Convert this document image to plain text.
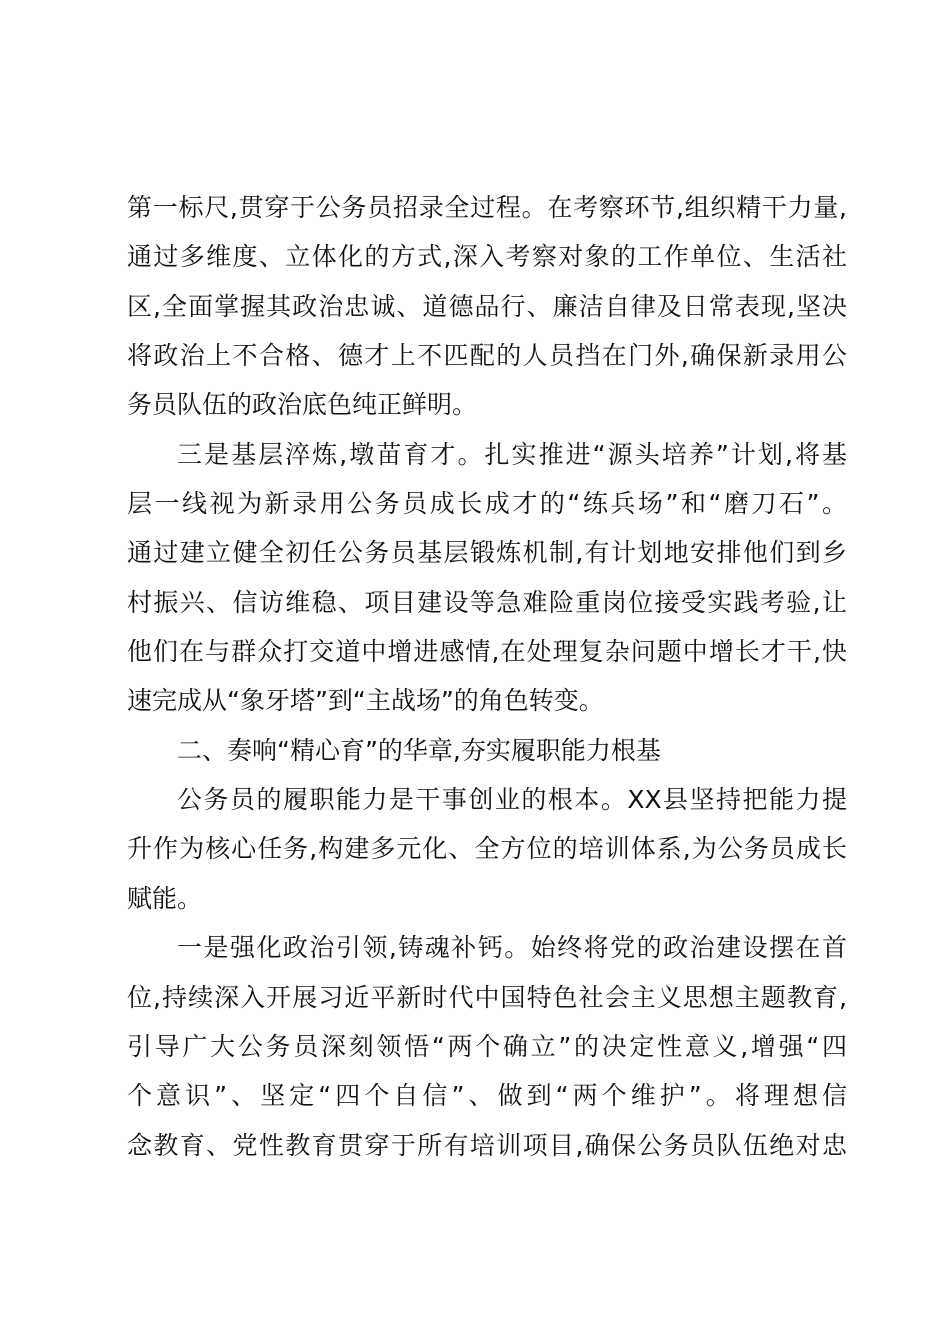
第一标尺,贯穿于公务员招录全过程。在考察环节,组织精干力量,
通过多维度、立体化的方式,深入考察对象的工作单位、生活社
区,全面掌握其政治忠诚、道德品行、廉洁自律及日常表现,坚决
将政治上不合格、德才上不匹配的人员挡在门外,确保新录用公
务员队伍的政治底色纯正鲜明。
三是基层淬炼,墩苗育才。扎实推进“源头培养”计划,将基
层一线视为新录用公务员成长成才的“练兵场”和“磨刀石”。
通过建立健全初任公务员基层锻炼机制,有计划地安排他们到乡
村振兴、信访维稳、项目建设等急难险重岗位接受实践考验,让
他们在与群众打交道中增进感情,在处理复杂问题中增长才干,快
速完成从“象牙塔”到“主战场”的角色转变。
二、奏响“精心育”的华章,夯实履职能力根基
公务员的履职能力是干事创业的根本。XX县坚持把能力提
升作为核心任务,构建多元化、全方位的培训体系,为公务员成长
赋能。
一是强化政治引领,铸魂补钙。始终将党的政治建设摆在首
位,持续深入开展习近平新时代中国特色社会主义思想主题教育,
引导广大公务员深刻领悟“两个确立”的决定性意义,增强“四
个意识”、坚定“四个自信”、做到“两个维护”。将理想信
念教育、党性教育贯穿于所有培训项目,确保公务员队伍绝对忠
